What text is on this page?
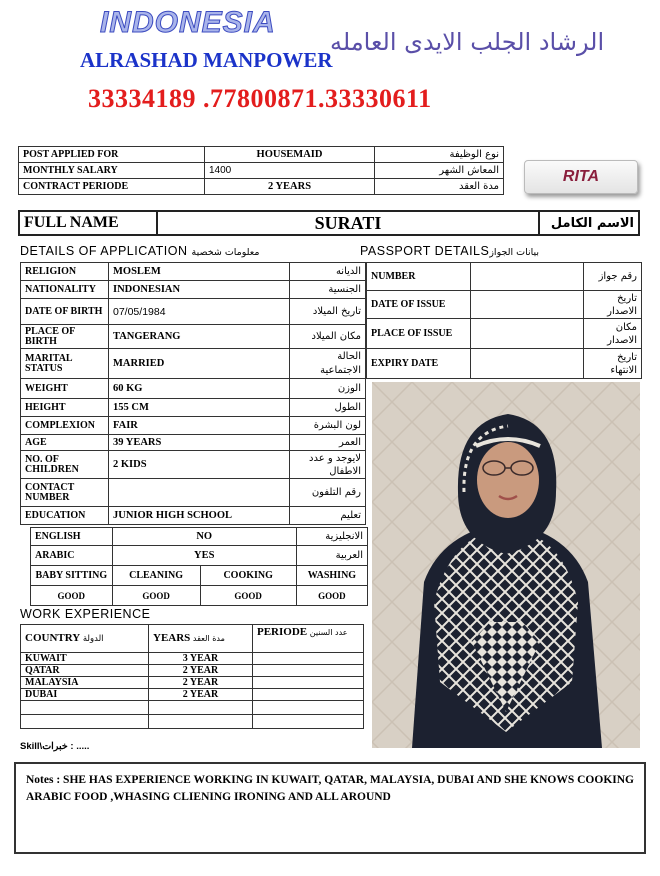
INDONESIA
ALRASHAD MANPOWER
الرشاد الجلب الايدى العامله
33334189 .77800871.33330611
POST APPLIED FOR	HOUSEMAID	نوع الوظيفة
MONTHLY SALARY	1400	المعاش الشهر
CONTRACT PERIODE	2 YEARS	مدة العقد
RITA
FULL NAME	SURATI	الاسم الكامل
DETAILS OF APPLICATION معلومات شخصية	PASSPORT DETAILSبيانات الجواز
RELIGION	MOSLEM	الديانه
NATIONALITY	INDONESIAN	الجنسية
DATE OF BIRTH	07/05/1984	تاريخ الميلاد
PLACE OF BIRTH	TANGERANG	مكان الميلاد
MARITAL STATUS	MARRIED	الحالة الاجتماعية
WEIGHT	60 KG	الوزن
HEIGHT	155 CM	الطول
COMPLEXION	FAIR	لون البشرة
AGE	39 YEARS	العمر
NO. OF CHILDREN	2 KIDS	لايوجد و عدد الاطفال
CONTACT NUMBER		رقم التلفون
EDUCATION	JUNIOR HIGH SCHOOL	تعليم
NUMBER		رقم جواز
DATE OF ISSUE		تاريخ الاصدار
PLACE OF ISSUE		مكان الاصدار
EXPIRY DATE		تاريخ الانتهاء
ENGLISH	NO		الانجليزية
ARABIC	YES		العربية
BABY SITTING	CLEANING	COOKING	WASHING
GOOD	GOOD	GOOD	GOOD
WORK EXPERIENCE
COUNTRY الدولة	YEARS مدة العقد	PERIODE عدد السنين
KUWAIT	3 YEAR	
QATAR	2 YEAR	
MALAYSIA	2 YEAR	
DUBAI	2 YEAR	

Skill\خبرات : .....
Notes : SHE HAS EXPERIENCE WORKING IN KUWAIT, QATAR, MALAYSIA, DUBAI AND SHE KNOWS COOKING ARABIC FOOD ,WHASING CLIENING IRONING AND ALL AROUND
